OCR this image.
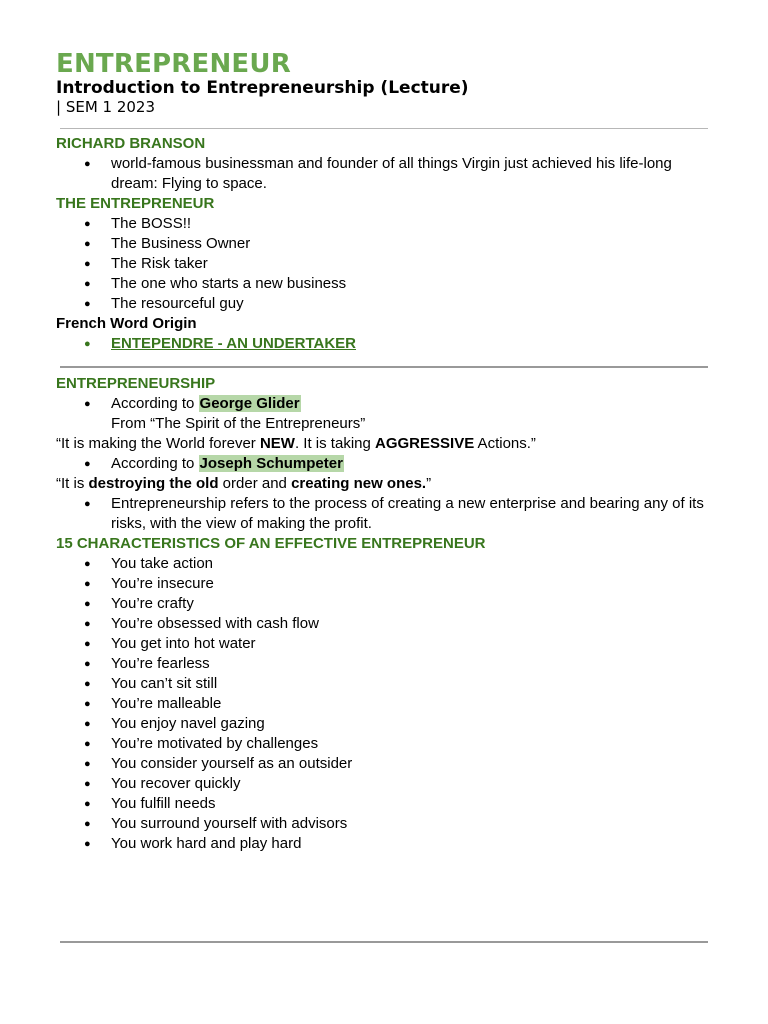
ENTREPRENEUR
Introduction to Entrepreneurship (Lecture)
| SEM 1 2023
RICHARD BRANSON
● world-famous businessman and founder of all things Virgin just achieved his life-long dream: Flying to space.
THE ENTREPRENEUR
● The BOSS!!
● The Business Owner
● The Risk taker
● The one who starts a new business
● The resourceful guy
French Word Origin
● ENTEPENDRE - AN UNDERTAKER
ENTREPRENEURSHIP
● According to George Glider
From “The Spirit of the Entrepreneurs”

“It is making the World forever NEW. It is taking AGGRESSIVE Actions.”

● According to Joseph Schumpeter

“It is destroying the old order and creating new ones.”

● Entrepreneurship refers to the process of creating a new enterprise and bearing any of its risks, with the view of making the profit.
15 CHARACTERISTICS OF AN EFFECTIVE ENTREPRENEUR
● You take action
● You’re insecure
● You’re crafty
● You’re obsessed with cash flow
● You get into hot water
● You’re fearless
● You can’t sit still
● You’re malleable
● You enjoy navel gazing
● You’re motivated by challenges
● You consider yourself as an outsider
● You recover quickly
● You fulfill needs
● You surround yourself with advisors
● You work hard and play hard
